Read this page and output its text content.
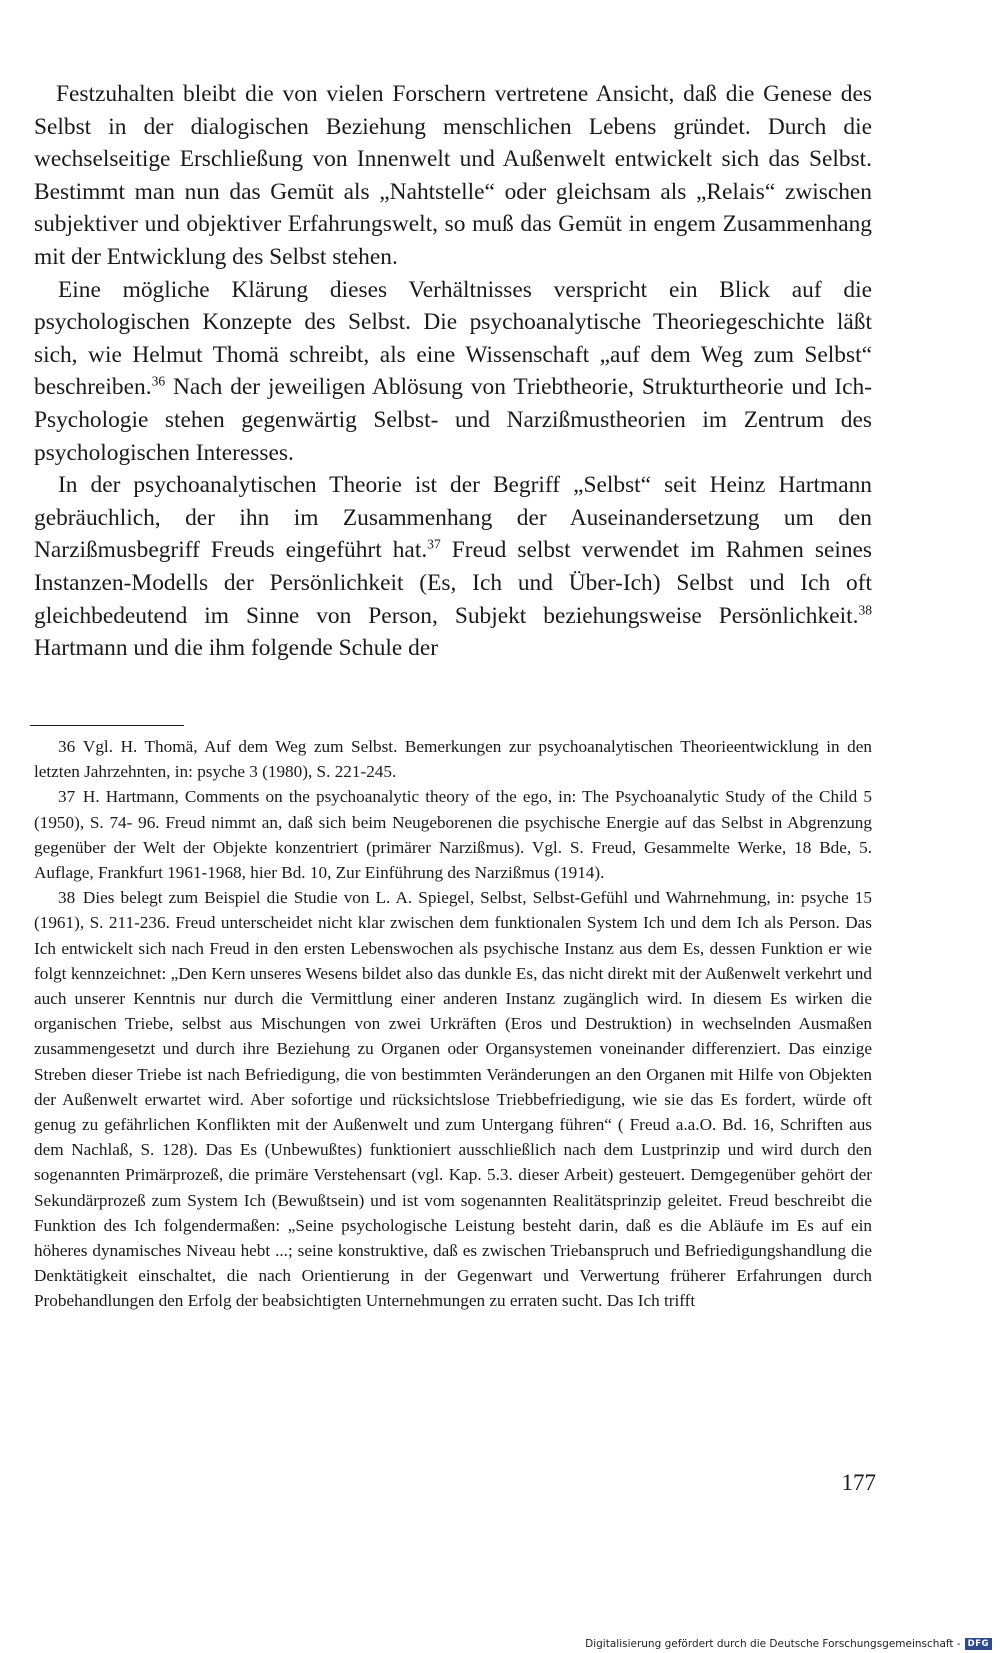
Festzuhalten bleibt die von vielen Forschern vertretene Ansicht, daß die Genese des Selbst in der dialogischen Beziehung menschlichen Lebens gründet. Durch die wechselseitige Erschließung von Innenwelt und Außenwelt entwickelt sich das Selbst. Bestimmt man nun das Gemüt als „Nahtstelle“ oder gleichsam als „Relais“ zwischen subjektiver und objektiver Erfahrungswelt, so muß das Gemüt in engem Zusammenhang mit der Entwicklung des Selbst stehen.

Eine mögliche Klärung dieses Verhältnisses verspricht ein Blick auf die psychologischen Konzepte des Selbst. Die psychoanalytische Theoriegeschichte läßt sich, wie Helmut Thomä schreibt, als eine Wissenschaft „auf dem Weg zum Selbst“ beschreiben.$^{36}$ Nach der jeweiligen Ablösung von Triebtheorie, Strukturtheorie und Ich-Psychologie stehen gegenwärtig Selbst- und Narzißmustheorien im Zentrum des psychologischen Interesses.

In der psychoanalytischen Theorie ist der Begriff „Selbst“ seit Heinz Hartmann gebräuchlich, der ihn im Zusammenhang der Auseinandersetzung um den Narzißmusbegriff Freuds eingeführt hat.$^{37}$ Freud selbst verwendet im Rahmen seines Instanzen-Modells der Persönlichkeit (Es, Ich und Über-Ich) Selbst und Ich oft gleichbedeutend im Sinne von Person, Subjekt beziehungsweise Persönlichkeit.$^{38}$ Hartmann und die ihm folgende Schule der

36 Vgl. H. Thomä, Auf dem Weg zum Selbst. Bemerkungen zur psychoanalytischen Theorieentwicklung in den letzten Jahrzehnten, in: psyche 3 (1980), S. 221-245.

37 H. Hartmann, Comments on the psychoanalytic theory of the ego, in: The Psychoanalytic Study of the Child 5 (1950), S. 74- 96. Freud nimmt an, daß sich beim Neugeborenen die psychische Energie auf das Selbst in Abgrenzung gegenüber der Welt der Objekte konzentriert (primärer Narzißmus). Vgl. S. Freud, Gesammelte Werke, 18 Bde, 5. Auflage, Frankfurt 1961-1968, hier Bd. 10, Zur Einführung des Narzißmus (1914).

38 Dies belegt zum Beispiel die Studie von L. A. Spiegel, Selbst, Selbst-Gefühl und Wahrnehmung, in: psyche 15 (1961), S. 211-236. Freud unterscheidet nicht klar zwischen dem funktionalen System Ich und dem Ich als Person. Das Ich entwickelt sich nach Freud in den ersten Lebenswochen als psychische Instanz aus dem Es, dessen Funktion er wie folgt kennzeichnet: „Den Kern unseres Wesens bildet also das dunkle Es, das nicht direkt mit der Außenwelt verkehrt und auch unserer Kenntnis nur durch die Vermittlung einer anderen Instanz zugänglich wird. In diesem Es wirken die organischen Triebe, selbst aus Mischungen von zwei Urkräften (Eros und Destruktion) in wechselnden Ausmaßen zusammengesetzt und durch ihre Beziehung zu Organen oder Organsystemen voneinander differenziert. Das einzige Streben dieser Triebe ist nach Befriedigung, die von bestimmten Veränderungen an den Organen mit Hilfe von Objekten der Außenwelt erwartet wird. Aber sofortige und rücksichtslose Triebbefriedigung, wie sie das Es fordert, würde oft genug zu gefährlichen Konflikten mit der Außenwelt und zum Untergang führen“ ( Freud a.a.O. Bd. 16, Schriften aus dem Nachlaß, S. 128). Das Es (Unbewußtes) funktioniert ausschließlich nach dem Lustprinzip und wird durch den sogenannten Primärprozeß, die primäre Verstehensart (vgl. Kap. 5.3. dieser Arbeit) gesteuert. Demgegenüber gehört der Sekundärprozeß zum System Ich (Bewußtsein) und ist vom sogenannten Realitätsprinzip geleitet. Freud beschreibt die Funktion des Ich folgendermaßen: „Seine psychologische Leistung besteht darin, daß es die Abläufe im Es auf ein höheres dynamisches Niveau hebt ...; seine konstruktive, daß es zwischen Triebanspruch und Befriedigungshandlung die Denktätigkeit einschaltet, die nach Orientierung in der Gegenwart und Verwertung früherer Erfahrungen durch Probehandlungen den Erfolg der beabsichtigten Unternehmungen zu erraten sucht. Das Ich trifft

177
Digitalisierung gefördert durch die Deutsche Forschungsgemeinschaft - DFG
